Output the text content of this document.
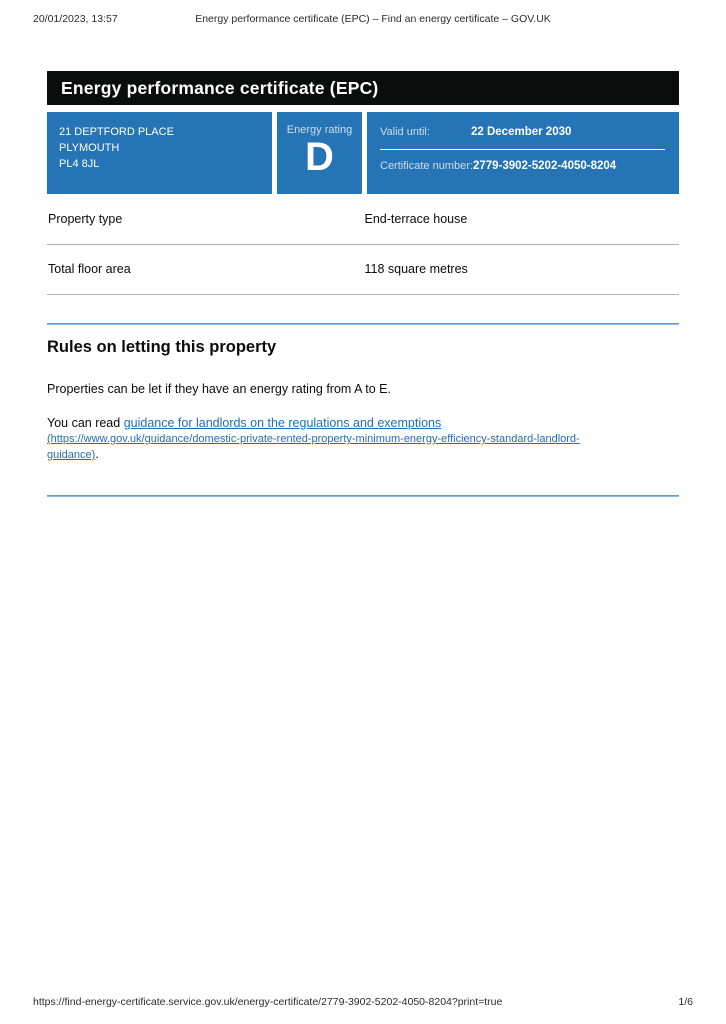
20/01/2023, 13:57	Energy performance certificate (EPC) – Find an energy certificate – GOV.UK
Energy performance certificate (EPC)
21 DEPTFORD PLACE
PLYMOUTH
PL4 8JL
Energy rating
D
Valid until:	22 December 2030
Certificate number: 2779-3902-5202-4050-8204
Property type	End-terrace house
Total floor area	118 square metres
Rules on letting this property

Properties can be let if they have an energy rating from A to E.

You can read guidance for landlords on the regulations and exemptions
(https://www.gov.uk/guidance/domestic-private-rented-property-minimum-energy-efficiency-standard-landlord-
guidance).

https://find-energy-certificate.service.gov.uk/energy-certificate/2779-3902-5202-4050-8204?print=true	1/6
